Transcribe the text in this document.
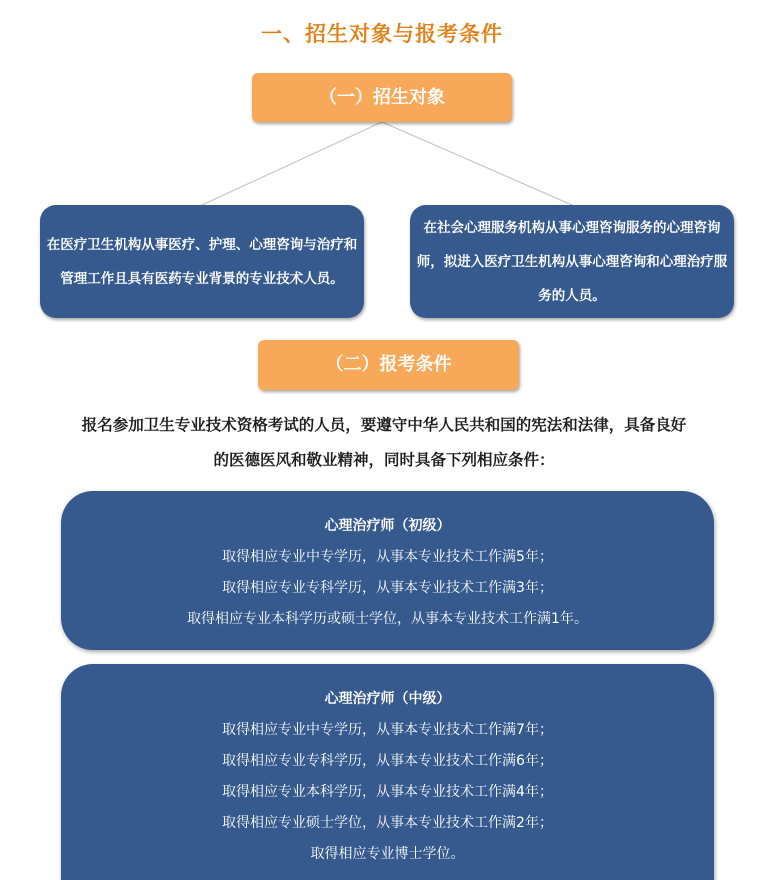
一、招生对象与报考条件
（一）招生对象
在医疗卫生机构从事医疗、护理、心理咨询与治疗和管理工作且具有医药专业背景的专业技术人员。
在社会心理服务机构从事心理咨询服务的心理咨询师，拟进入医疗卫生机构从事心理咨询和心理治疗服务的人员。
（二）报考条件
报名参加卫生专业技术资格考试的人员，要遵守中华人民共和国的宪法和法律，具备良好
的医德医风和敬业精神，同时具备下列相应条件：
心理治疗师（初级）
取得相应专业中专学历，从事本专业技术工作满5年；
取得相应专业专科学历，从事本专业技术工作满3年；
取得相应专业本科学历或硕士学位，从事本专业技术工作满1年。
心理治疗师（中级）
取得相应专业中专学历，从事本专业技术工作满7年；
取得相应专业专科学历，从事本专业技术工作满6年；
取得相应专业本科学历，从事本专业技术工作满4年；
取得相应专业硕士学位，从事本专业技术工作满2年；
取得相应专业博士学位。
